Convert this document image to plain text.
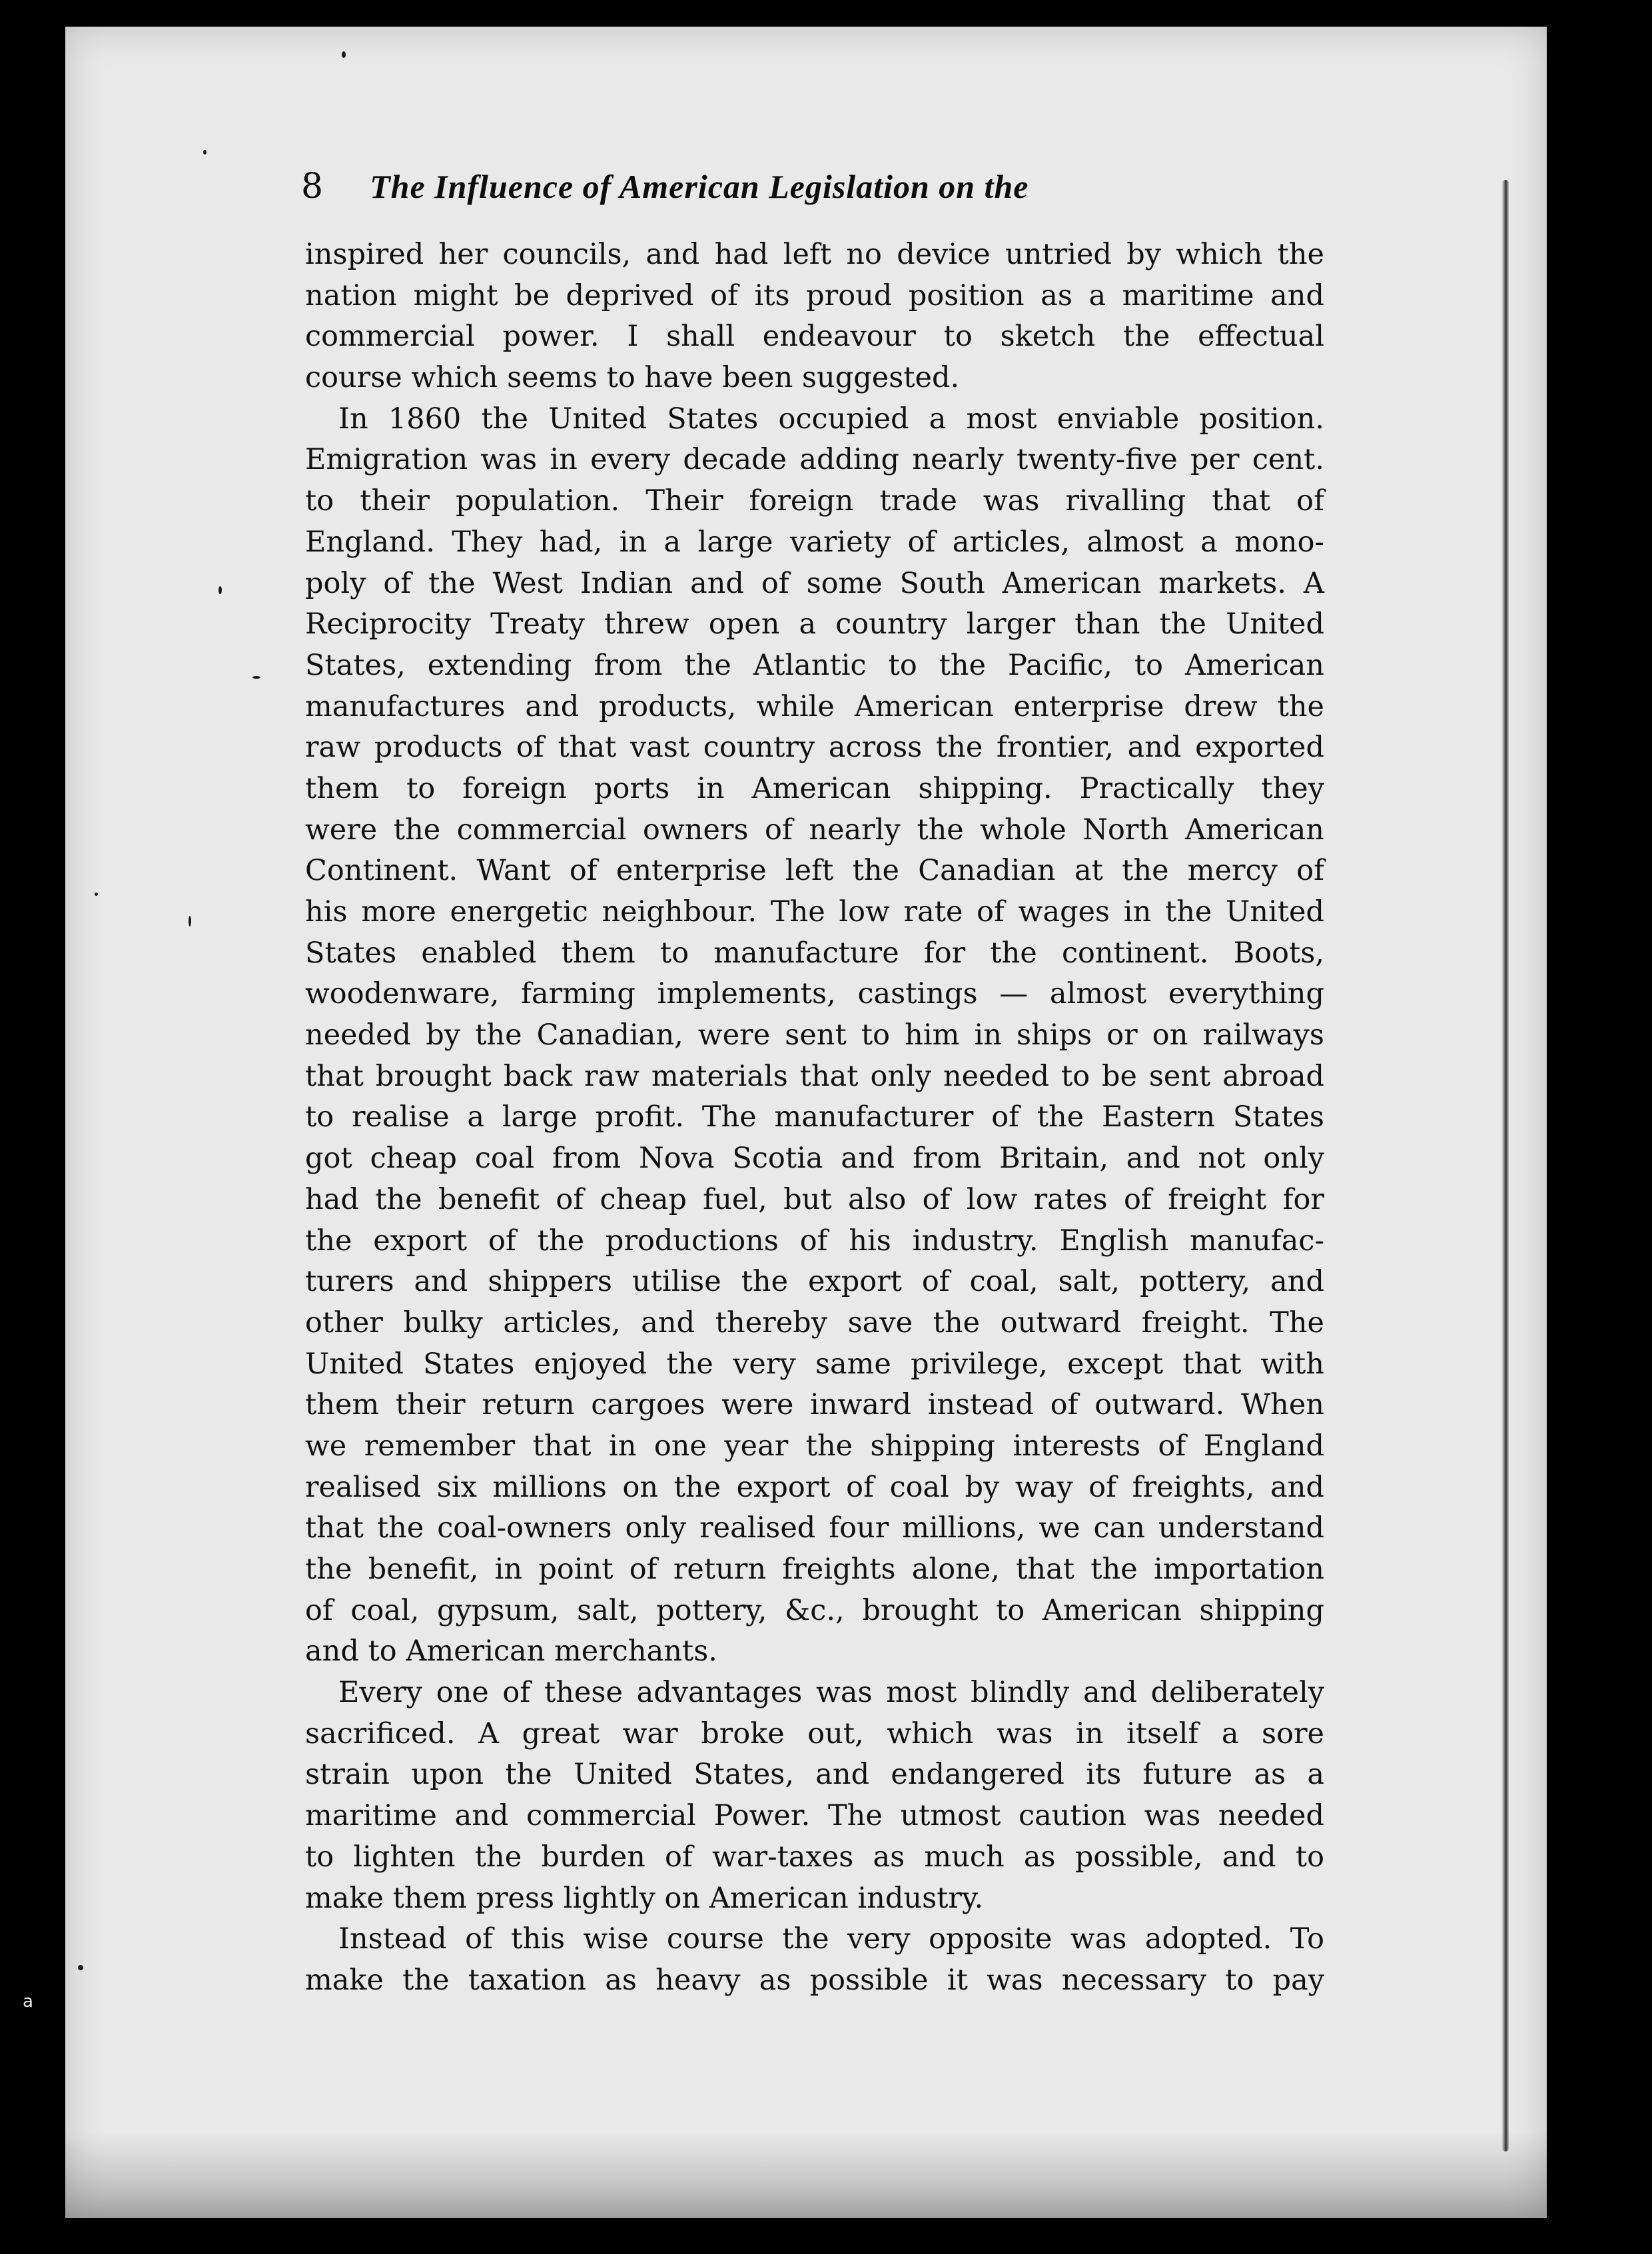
8 The Influence of American Legislation on the
inspired her councils, and had left no device untried by which the
nation might be deprived of its proud position as a maritime and
commercial power. I shall endeavour to sketch the effectual
course which seems to have been suggested.
In 1860 the United States occupied a most enviable position.
Emigration was in every decade adding nearly twenty-five per cent.
to their population. Their foreign trade was rivalling that of
England. They had, in a large variety of articles, almost a mono-
poly of the West Indian and of some South American markets. A
Reciprocity Treaty threw open a country larger than the United
States, extending from the Atlantic to the Pacific, to American
manufactures and products, while American enterprise drew the
raw products of that vast country across the frontier, and exported
them to foreign ports in American shipping. Practically they
were the commercial owners of nearly the whole North American
Continent. Want of enterprise left the Canadian at the mercy of
his more energetic neighbour. The low rate of wages in the United
States enabled them to manufacture for the continent. Boots,
woodenware, farming implements, castings — almost everything
needed by the Canadian, were sent to him in ships or on railways
that brought back raw materials that only needed to be sent abroad
to realise a large profit. The manufacturer of the Eastern States
got cheap coal from Nova Scotia and from Britain, and not only
had the benefit of cheap fuel, but also of low rates of freight for
the export of the productions of his industry. English manufac-
turers and shippers utilise the export of coal, salt, pottery, and
other bulky articles, and thereby save the outward freight. The
United States enjoyed the very same privilege, except that with
them their return cargoes were inward instead of outward. When
we remember that in one year the shipping interests of England
realised six millions on the export of coal by way of freights, and
that the coal-owners only realised four millions, we can understand
the benefit, in point of return freights alone, that the importation
of coal, gypsum, salt, pottery, &c., brought to American shipping
and to American merchants.
Every one of these advantages was most blindly and deliberately
sacrificed. A great war broke out, which was in itself a sore
strain upon the United States, and endangered its future as a
maritime and commercial Power. The utmost caution was needed
to lighten the burden of war-taxes as much as possible, and to
make them press lightly on American industry.
Instead of this wise course the very opposite was adopted. To
make the taxation as heavy as possible it was necessary to pay
a
